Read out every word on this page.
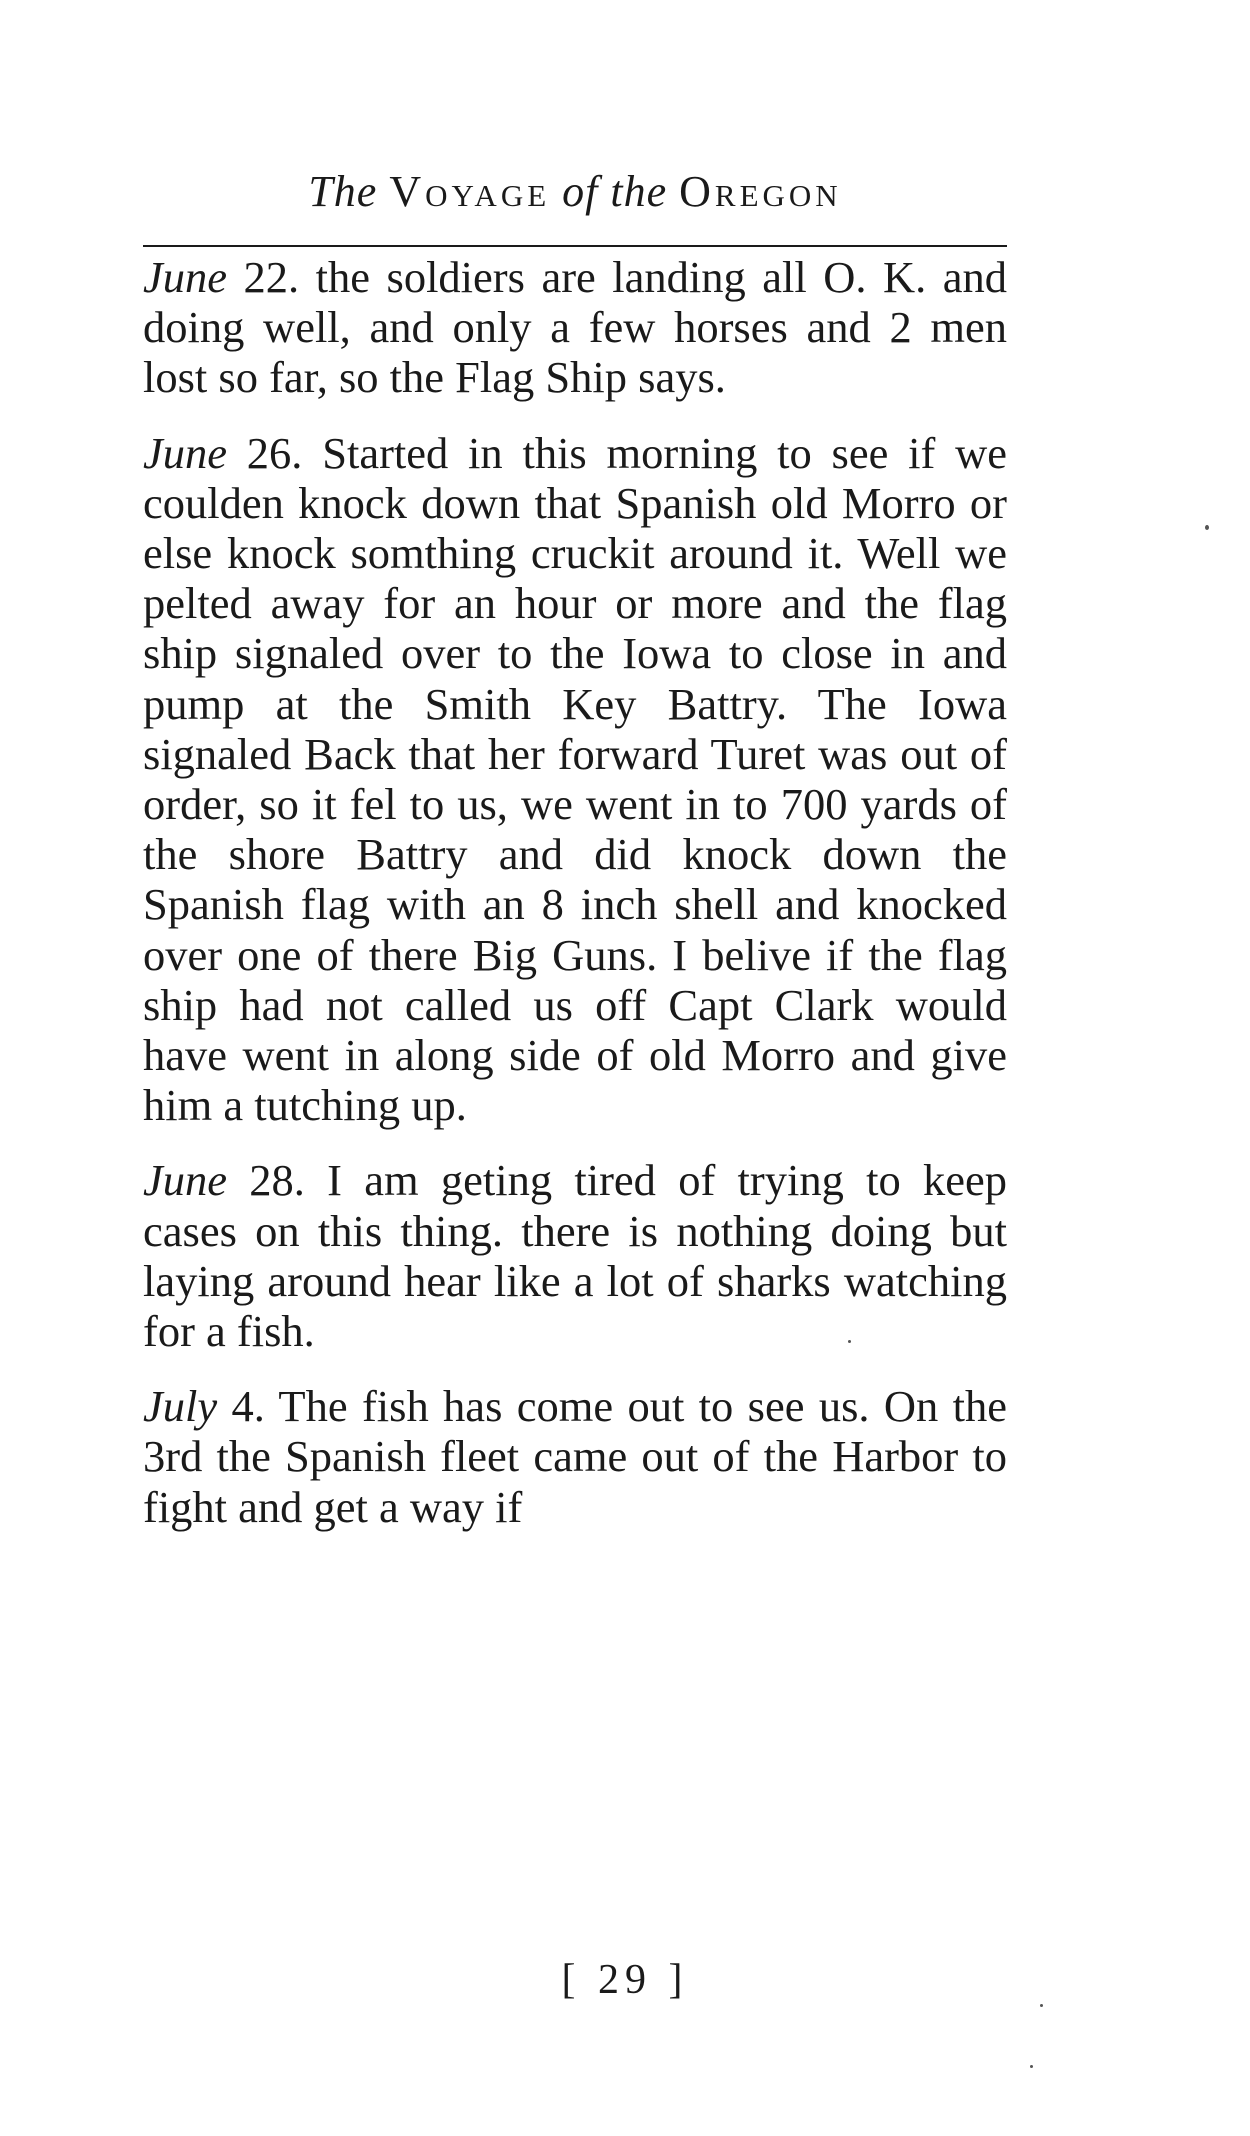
The Voyage of the Oregon

June 22. the soldiers are landing all O. K. and doing well, and only a few horses and 2 men lost so far, so the Flag Ship says.

June 26. Started in this morning to see if we coulden knock down that Spanish old Morro or else knock somthing cruckit around it. Well we pelted away for an hour or more and the flag ship signaled over to the Iowa to close in and pump at the Smith Key Battry. The Iowa signaled Back that her forward Turet was out of order, so it fel to us, we went in to 700 yards of the shore Battry and did knock down the Spanish flag with an 8 inch shell and knocked over one of there Big Guns. I belive if the flag ship had not called us off Capt Clark would have went in along side of old Morro and give him a tutching up.

June 28. I am geting tired of trying to keep cases on this thing. there is nothing doing but laying around hear like a lot of sharks watching for a fish.

July 4. The fish has come out to see us. On the 3rd the Spanish fleet came out of the Harbor to fight and get a way if

[ 29 ]
